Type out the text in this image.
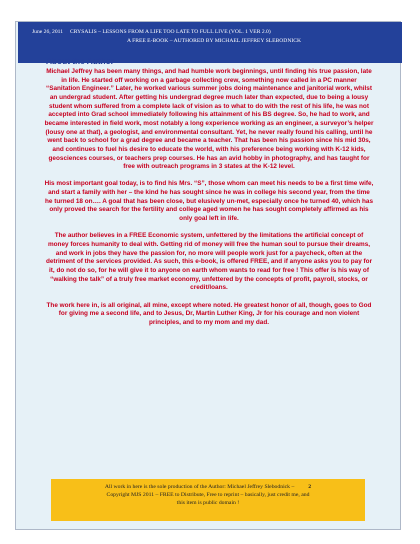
June 26, 2011 CRYSALIS – LESSONS FROM A LIFE TOO LATE TO FULL LIVE (VOL. 1 VER 2.0)
A FREE E-BOOK – AUTHORED BY MICHAEL JEFFREY SLEBODNICK
About the Author

Michael Jeffrey has been many things, and had humble work beginnings, until finding his true passion, late in life. He started off working on a garbage collecting crew, something now called in a PC manner “Sanitation Engineer.” Later, he worked various summer jobs doing maintenance and janitorial work, whilst an undergrad student. After getting his undergrad degree much later than expected, due to being a lousy student whom suffered from a complete lack of vision as to what to do with the rest of his life, he was not accepted into Grad school immediately following his attainment of his BS degree. So, he had to work, and became interested in field work, most notably a long experience working as an engineer, a surveyor’s helper (lousy one at that), a geologist, and environmental consultant. Yet, he never really found his calling, until he went back to school for a grad degree and became a teacher. That has been his passion since his mid 30s, and continues to fuel his desire to educate the world, with his preference being working with K-12 kids, geosciences courses, or teachers prep courses. He has an avid hobby in photography, and has taught for free with outreach programs in 3 states at the K-12 level.

His most important goal today, is to find his Mrs. “S”, those whom can meet his needs to be a first time wife, and start a family with her – the kind he has sought since he was in college his second year, from the time he turned 18 on…. A goal that has been close, but elusively un-met, especially once he turned 40, which has only proved the search for the fertility and college aged women he has sought completely affirmed as his only goal left in life.

The author believes in a FREE Economic system, unfettered by the limitations the artificial concept of money forces humanity to deal with. Getting rid of money will free the human soul to pursue their dreams, and work in jobs they have the passion for, no more will people work just for a paycheck, often at the detriment of the services provided. As such, this e-book, is offered FREE, and if anyone asks you to pay for it, do not do so, for he will give it to anyone on earth whom wants to read for free ! This offer is his way of “walking the talk” of a truly free market economy, unfettered by the concepts of profit, payroll, stocks, or credit/loans.

The work here in, is all original, all mine, except where noted. He greatest honor of all, though, goes to God for giving me a second life, and to Jesus, Dr, Martin Luther King, Jr for his courage and non violent principles, and to my mom and my dad.

All work in here is the sole production of the Author: Michael Jeffrey Slebodnick – 2
Copyright MJS 2011 – FREE to Distribute, Free to reprint – basically, just credit me, and
this item is public domain !
